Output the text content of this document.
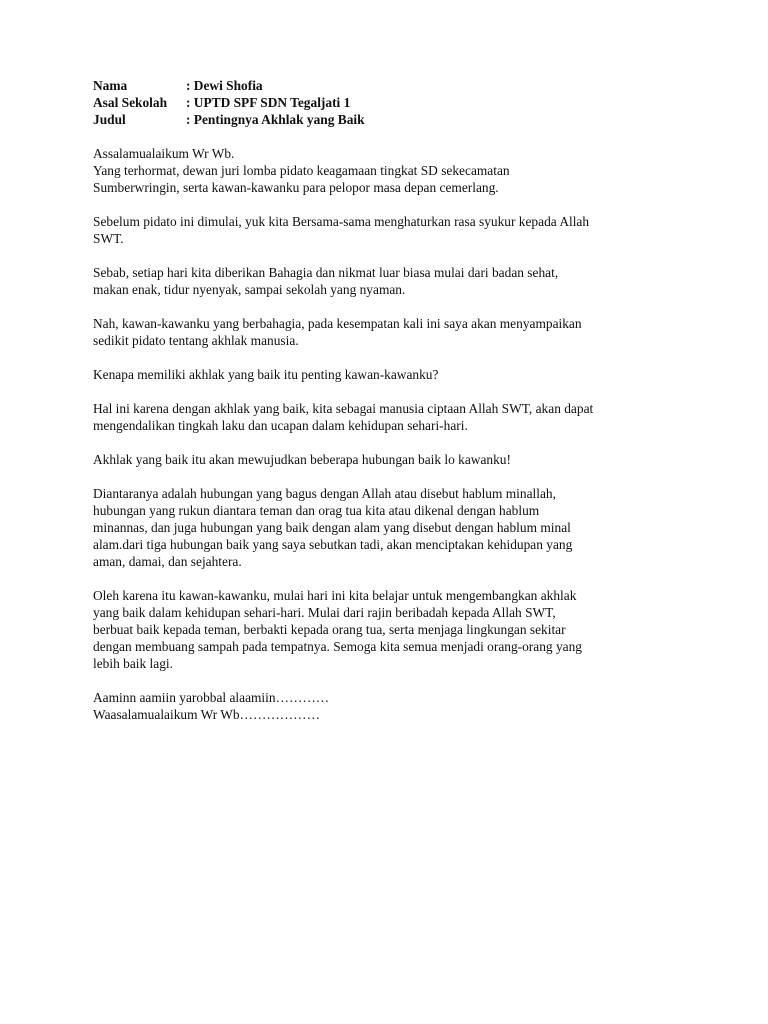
Nama	: Dewi Shofia
Asal Sekolah	: UPTD SPF SDN Tegaljati 1
Judul	: Pentingnya Akhlak yang Baik
Assalamualaikum Wr Wb.
Yang terhormat, dewan juri lomba pidato keagamaan tingkat SD sekecamatan
Sumberwringin, serta kawan-kawanku para pelopor masa depan cemerlang.
Sebelum pidato ini dimulai, yuk kita Bersama-sama menghaturkan rasa syukur kepada Allah
SWT.
Sebab, setiap hari kita diberikan Bahagia dan nikmat luar biasa mulai dari badan sehat,
makan enak, tidur nyenyak, sampai sekolah yang nyaman.
Nah, kawan-kawanku yang berbahagia, pada kesempatan kali ini saya akan menyampaikan
sedikit pidato tentang akhlak manusia.
Kenapa memiliki akhlak yang baik itu penting kawan-kawanku?
Hal ini karena dengan akhlak yang baik, kita sebagai manusia ciptaan Allah SWT, akan dapat
mengendalikan tingkah laku dan ucapan dalam kehidupan sehari-hari.
Akhlak yang baik itu akan mewujudkan beberapa hubungan baik lo kawanku!
Diantaranya adalah hubungan yang bagus dengan Allah atau disebut hablum minallah,
hubungan yang rukun diantara teman dan orag tua kita atau dikenal dengan hablum
minannas, dan juga hubungan yang baik dengan alam yang disebut dengan hablum minal
alam.dari tiga hubungan baik yang saya sebutkan tadi, akan menciptakan kehidupan yang
aman, damai, dan sejahtera.
Oleh karena itu kawan-kawanku, mulai hari ini kita belajar untuk mengembangkan akhlak
yang baik dalam kehidupan sehari-hari. Mulai dari rajin beribadah kepada Allah SWT,
berbuat baik kepada teman, berbakti kepada orang tua, serta menjaga lingkungan sekitar
dengan membuang sampah pada tempatnya. Semoga kita semua menjadi orang-orang yang
lebih baik lagi.
Aaminn aamiin yarobbal alaamiin…………
Waasalamualaikum Wr Wb………………
